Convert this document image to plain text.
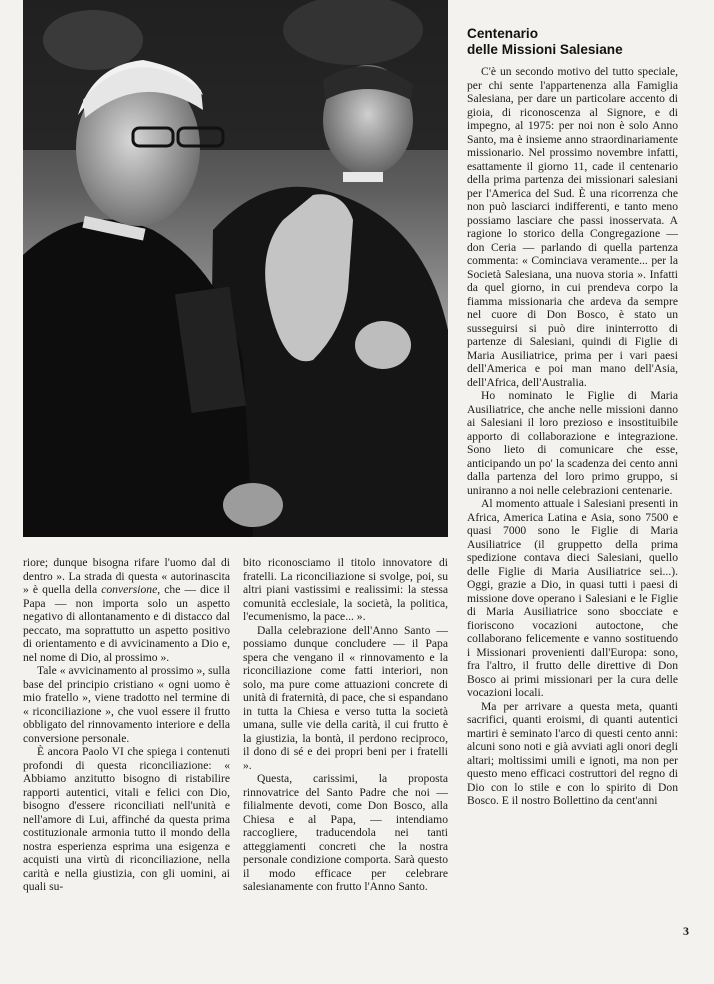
riore; dunque bisogna rifare l'uomo dal di dentro ». La strada di questa « autorinascita » è quella della conversione, che — dice il Papa — non importa solo un aspetto negativo di allontanamento e di distacco dal peccato, ma soprattutto un aspetto positivo di orientamento e di avvicinamento a Dio e, nel nome di Dio, al prossimo ».

Tale « avvicinamento al prossimo », sulla base del principio cristiano « ogni uomo è mio fratello », viene tradotto nel termine di « riconciliazione », che vuol essere il frutto obbligato del rinnovamento interiore e della conversione personale.

È ancora Paolo VI che spiega i contenuti profondi di questa riconciliazione: « Abbiamo anzitutto bisogno di ristabilire rapporti autentici, vitali e felici con Dio, bisogno d'essere riconciliati nell'unità e nell'amore di Lui, affinché da questa prima costituzionale armonia tutto il mondo della nostra esperienza esprima una esigenza e acquisti una virtù di riconciliazione, nella carità e nella giustizia, con gli uomini, ai quali su-

bito riconosciamo il titolo innovatore di fratelli. La riconciliazione si svolge, poi, su altri piani vastissimi e realissimi: la stessa comunità ecclesiale, la società, la politica, l'ecumenismo, la pace... ».

Dalla celebrazione dell'Anno Santo — possiamo dunque concludere — il Papa spera che vengano il « rinnovamento e la riconciliazione come fatti interiori, non solo, ma pure come attuazioni concrete di unità di fraternità, di pace, che si espandano in tutta la Chiesa e verso tutta la società umana, sulle vie della carità, il cui frutto è la giustizia, la bontà, il perdono reciproco, il dono di sé e dei propri beni per i fratelli ».

Questa, carissimi, la proposta rinnovatrice del Santo Padre che noi — filialmente devoti, come Don Bosco, alla Chiesa e al Papa, — intendiamo raccogliere, traducendola nei tanti atteggiamenti concreti che la nostra personale condizione comporta. Sarà questo il modo efficace per celebrare salesianamente con frutto l'Anno Santo.

Centenario
delle Missioni Salesiane

C'è un secondo motivo del tutto speciale, per chi sente l'appartenenza alla Famiglia Salesiana, per dare un particolare accento di gioia, di riconoscenza al Signore, e di impegno, al 1975: per noi non è solo Anno Santo, ma è insieme anno straordinariamente missionario. Nel prossimo novembre infatti, esattamente il giorno 11, cade il centenario della prima partenza dei missionari salesiani per l'America del Sud. È una ricorrenza che non può lasciarci indifferenti, e tanto meno possiamo lasciare che passi inosservata. A ragione lo storico della Congregazione — don Ceria — parlando di quella partenza commenta: « Cominciava veramente... per la Società Salesiana, una nuova storia ». Infatti da quel giorno, in cui prendeva corpo la fiamma missionaria che ardeva da sempre nel cuore di Don Bosco, è stato un susseguirsi si può dire ininterrotto di partenze di Salesiani, quindi di Figlie di Maria Ausiliatrice, prima per i vari paesi dell'America e poi man mano dell'Asia, dell'Africa, dell'Australia.

Ho nominato le Figlie di Maria Ausiliatrice, che anche nelle missioni danno ai Salesiani il loro prezioso e insostituibile apporto di collaborazione e integrazione. Sono lieto di comunicare che esse, anticipando un po' la scadenza dei cento anni dalla partenza del loro primo gruppo, si uniranno a noi nelle celebrazioni centenarie.

Al momento attuale i Salesiani presenti in Africa, America Latina e Asia, sono 7500 e quasi 7000 sono le Figlie di Maria Ausiliatrice (il gruppetto della prima spedizione contava dieci Salesiani, quello delle Figlie di Maria Ausiliatrice sei...). Oggi, grazie a Dio, in quasi tutti i paesi di missione dove operano i Salesiani e le Figlie di Maria Ausiliatrice sono sbocciate e fioriscono vocazioni autoctone, che collaborano felicemente e vanno sostituendo i Missionari provenienti dall'Europa: sono, fra l'altro, il frutto delle direttive di Don Bosco ai primi missionari per la cura delle vocazioni locali.

Ma per arrivare a questa meta, quanti sacrifici, quanti eroismi, di quanti autentici martiri è seminato l'arco di questi cento anni: alcuni sono noti e già avviati agli onori degli altari; moltissimi umili e ignoti, ma non per questo meno efficaci costruttori del regno di Dio con lo stile e con lo spirito di Don Bosco. E il nostro Bollettino da cent'anni

3
